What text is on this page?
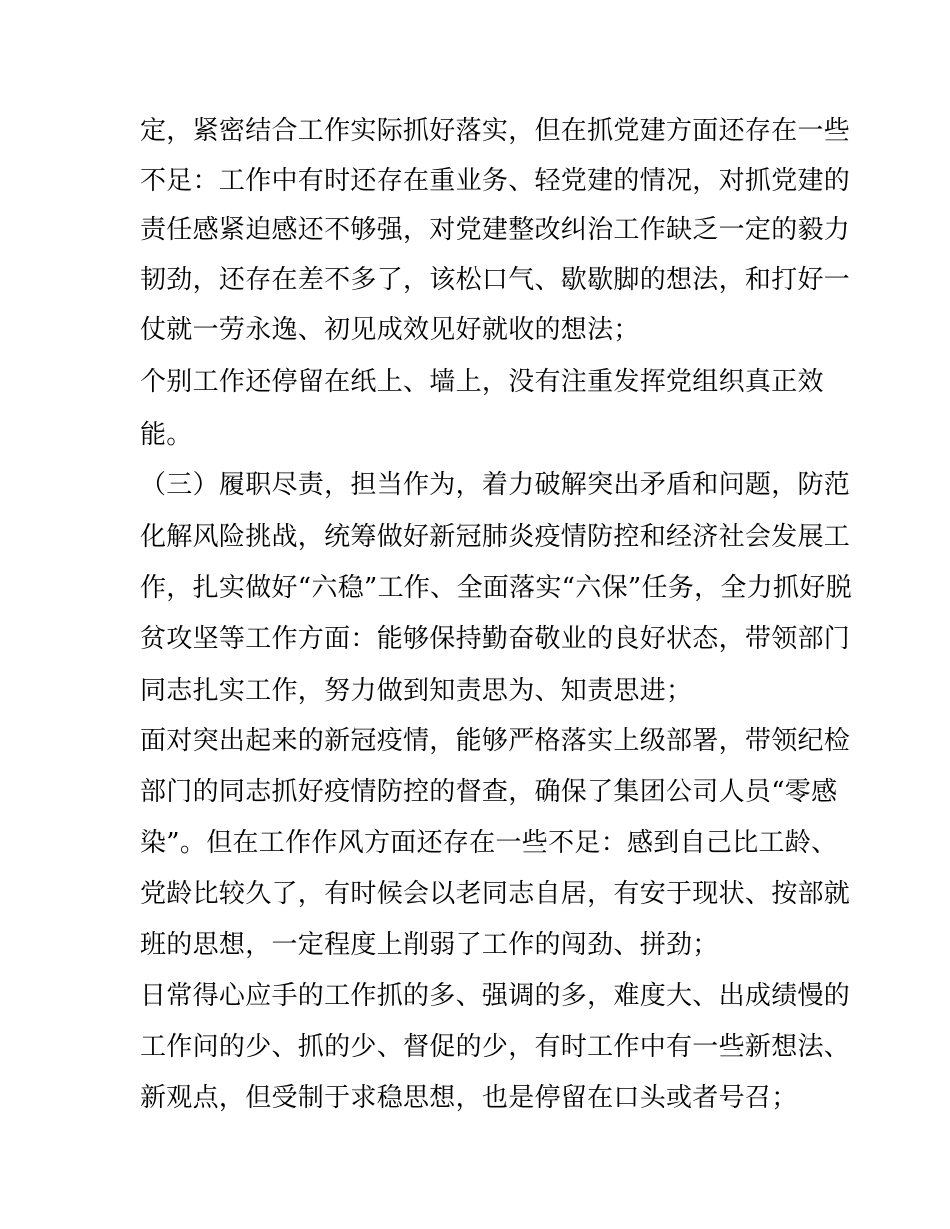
定，紧密结合工作实际抓好落实，但在抓党建方面还存在一些
不足：工作中有时还存在重业务、轻党建的情况，对抓党建的
责任感紧迫感还不够强，对党建整改纠治工作缺乏一定的毅力
韧劲，还存在差不多了，该松口气、歇歇脚的想法，和打好一
仗就一劳永逸、初见成效见好就收的想法；
个别工作还停留在纸上、墙上，没有注重发挥党组织真正效
能。
（三）履职尽责，担当作为，着力破解突出矛盾和问题，防范
化解风险挑战，统筹做好新冠肺炎疫情防控和经济社会发展工
作，扎实做好“六稳”工作、全面落实“六保”任务，全力抓好脱
贫攻坚等工作方面：能够保持勤奋敬业的良好状态，带领部门
同志扎实工作，努力做到知责思为、知责思进；
面对突出起来的新冠疫情，能够严格落实上级部署，带领纪检
部门的同志抓好疫情防控的督查，确保了集团公司人员“零感
染”。但在工作作风方面还存在一些不足：感到自己比工龄、
党龄比较久了，有时候会以老同志自居，有安于现状、按部就
班的思想，一定程度上削弱了工作的闯劲、拼劲；
日常得心应手的工作抓的多、强调的多，难度大、出成绩慢的
工作问的少、抓的少、督促的少，有时工作中有一些新想法、
新观点，但受制于求稳思想，也是停留在口头或者号召；
